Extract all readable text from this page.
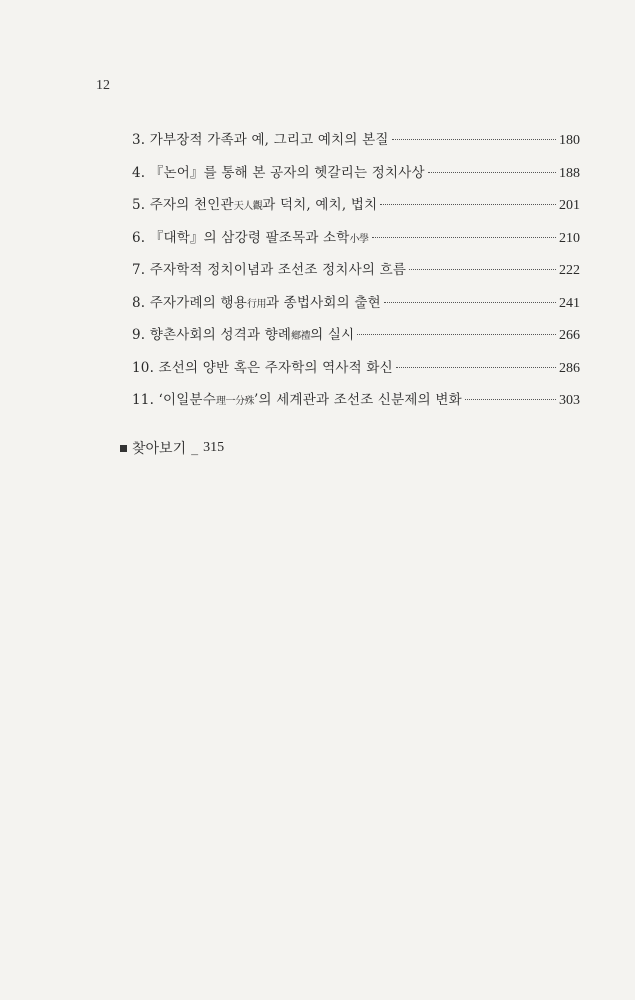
12
3. 가부장적 가족과 예, 그리고 예치의 본질	180
4. 『논어』를 통해 본 공자의 헷갈리는 정치사상	188
5. 주자의 천인관天人觀과 덕치, 예치, 법치	201
6. 『대학』의 삼강령 팔조목과 소학小學	210
7. 주자학적 정치이념과 조선조 정치사의 흐름	222
8. 주자가례의 행용行用과 종법사회의 출현	241
9. 향촌사회의 성격과 향례鄕禮의 실시	266
10. 조선의 양반 혹은 주자학의 역사적 화신	286
11. ‘이일분수理一分殊’의 세계관과 조선조 신분제의 변화	303
찾아보기 _ 315
